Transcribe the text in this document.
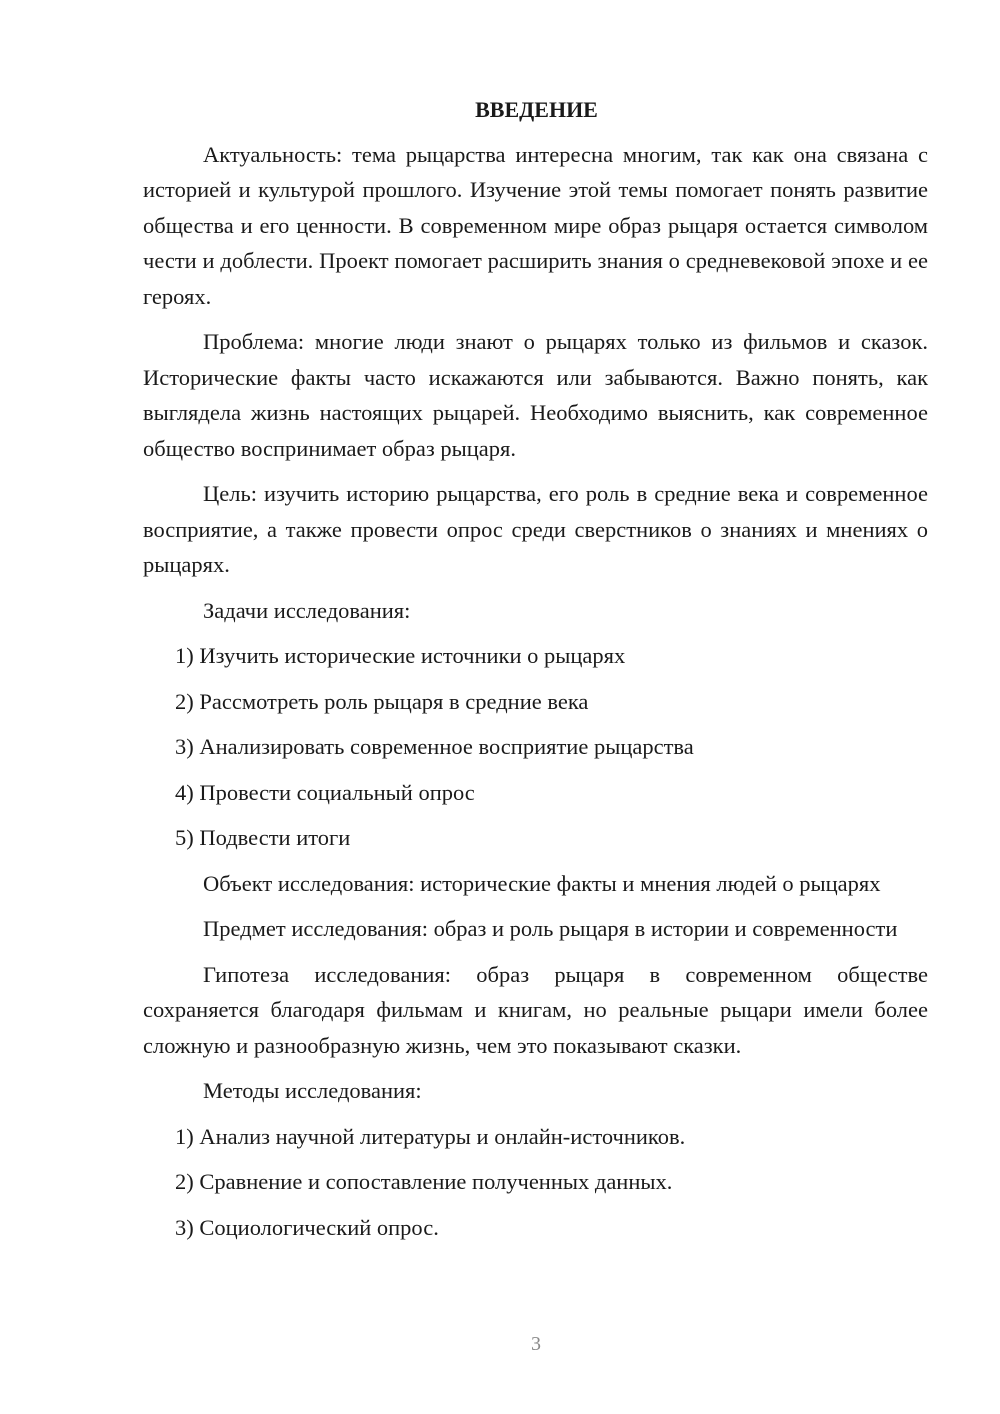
ВВЕДЕНИЕ

Актуальность: тема рыцарства интересна многим, так как она связана с историей и культурой прошлого. Изучение этой темы помогает понять развитие общества и его ценности. В современном мире образ рыцаря остается символом чести и доблести. Проект помогает расширить знания о средневековой эпохе и ее героях.

Проблема: многие люди знают о рыцарях только из фильмов и сказок. Исторические факты часто искажаются или забываются. Важно понять, как выглядела жизнь настоящих рыцарей. Необходимо выяснить, как современное общество воспринимает образ рыцаря.

Цель: изучить историю рыцарства, его роль в средние века и современное восприятие, а также провести опрос среди сверстников о знаниях и мнениях о рыцарях.

Задачи исследования:
1) Изучить исторические источники о рыцарях
2) Рассмотреть роль рыцаря в средние века
3) Анализировать современное восприятие рыцарства
4) Провести социальный опрос
5) Подвести итоги

Объект исследования: исторические факты и мнения людей о рыцарях

Предмет исследования: образ и роль рыцаря в истории и современности

Гипотеза исследования: образ рыцаря в современном обществе сохраняется благодаря фильмам и книгам, но реальные рыцари имели более сложную и разнообразную жизнь, чем это показывают сказки.

Методы исследования:
1) Анализ научной литературы и онлайн-источников.
2) Сравнение и сопоставление полученных данных.
3) Социологический опрос.
3
